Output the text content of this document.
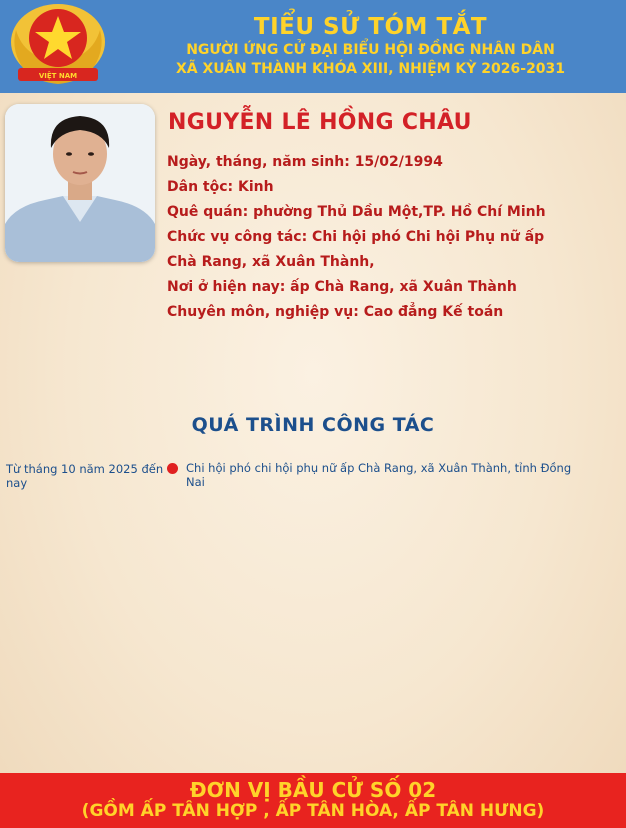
VIỆT NAM
TIỂU SỬ TÓM TẮT
NGƯỜI ỨNG CỬ ĐẠI BIỂU HỘI ĐỒNG NHÂN DÂN
XÃ XUÂN THÀNH KHÓA XIII, NHIỆM KỲ 2026-2031
NGUYỄN LÊ HỒNG CHÂU
Ngày, tháng, năm sinh: 15/02/1994
Dân tộc: Kinh
Quê quán: phường Thủ Dầu Một,TP. Hồ Chí Minh
Chức vụ công tác: Chi hội phó Chi hội Phụ nữ ấp
Chà Rang, xã Xuân Thành,
Nơi ở hiện nay: ấp Chà Rang, xã Xuân Thành
Chuyên môn, nghiệp vụ: Cao đẳng Kế toán
QUÁ TRÌNH CÔNG TÁC
Từ tháng 10 năm 2025 đến nay
Chi hội phó chi hội phụ nữ ấp Chà Rang, xã Xuân Thành, tỉnh Đồng Nai
ĐƠN VỊ BẦU CỬ SỐ 02
(GỒM ẤP TÂN HỢP , ẤP TÂN HÒA, ẤP TÂN HƯNG)
